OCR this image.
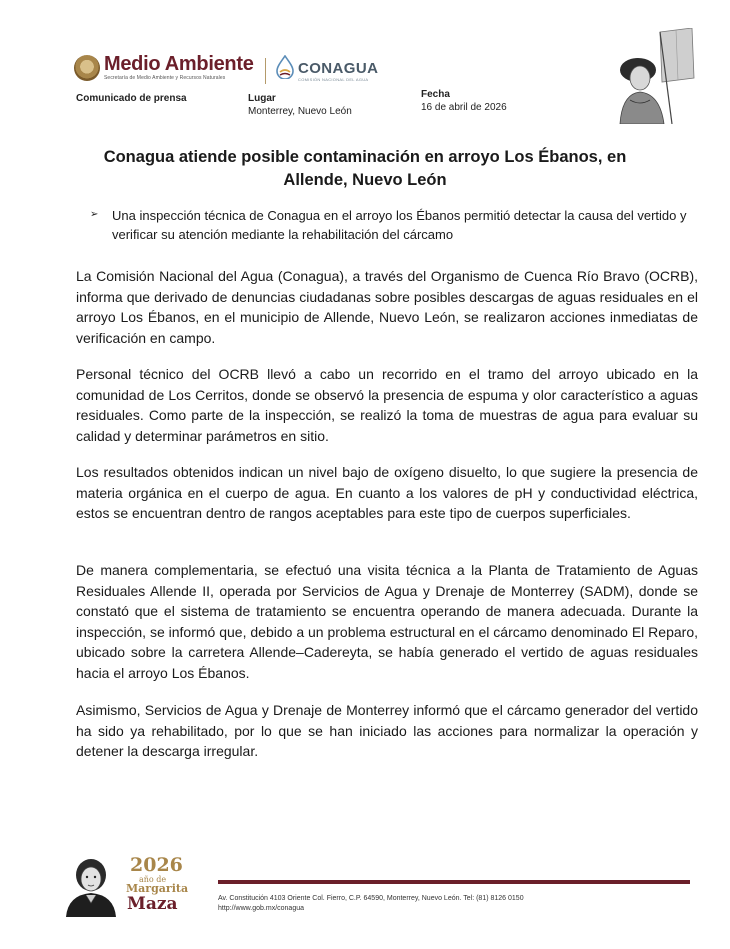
Medio Ambiente
Secretaría de Medio Ambiente y Recursos Naturales
CONAGUA
COMISIÓN NACIONAL DEL AGUA
Comunicado de prensa	Lugar
Monterrey, Nuevo León
Fecha
16 de abril de 2026
Conagua atiende posible contaminación en arroyo Los Ébanos, en Allende, Nuevo León
➢ Una inspección técnica de Conagua en el arroyo los Ébanos permitió detectar la causa del vertido y verificar su atención mediante la rehabilitación del cárcamo
La Comisión Nacional del Agua (Conagua), a través del Organismo de Cuenca Río Bravo (OCRB), informa que derivado de denuncias ciudadanas sobre posibles descargas de aguas residuales en el arroyo Los Ébanos, en el municipio de Allende, Nuevo León, se realizaron acciones inmediatas de verificación en campo.
Personal técnico del OCRB llevó a cabo un recorrido en el tramo del arroyo ubicado en la comunidad de Los Cerritos, donde se observó la presencia de espuma y olor característico a aguas residuales. Como parte de la inspección, se realizó la toma de muestras de agua para evaluar su calidad y determinar parámetros en sitio.
Los resultados obtenidos indican un nivel bajo de oxígeno disuelto, lo que sugiere la presencia de materia orgánica en el cuerpo de agua. En cuanto a los valores de pH y conductividad eléctrica, estos se encuentran dentro de rangos aceptables para este tipo de cuerpos superficiales.
De manera complementaria, se efectuó una visita técnica a la Planta de Tratamiento de Aguas Residuales Allende II, operada por Servicios de Agua y Drenaje de Monterrey (SADM), donde se constató que el sistema de tratamiento se encuentra operando de manera adecuada. Durante la inspección, se informó que, debido a un problema estructural en el cárcamo denominado El Reparo, ubicado sobre la carretera Allende–Cadereyta, se había generado el vertido de aguas residuales hacia el arroyo Los Ébanos.
Asimismo, Servicios de Agua y Drenaje de Monterrey informó que el cárcamo generador del vertido ha sido ya rehabilitado, por lo que se han iniciado las acciones para normalizar la operación y detener la descarga irregular.
2026
año de
Margarita
Maza	Av. Constitución 4103 Oriente Col. Fierro, C.P. 64590, Monterrey, Nuevo León. Tel: (81) 8126 0150
http://www.gob.mx/conagua
